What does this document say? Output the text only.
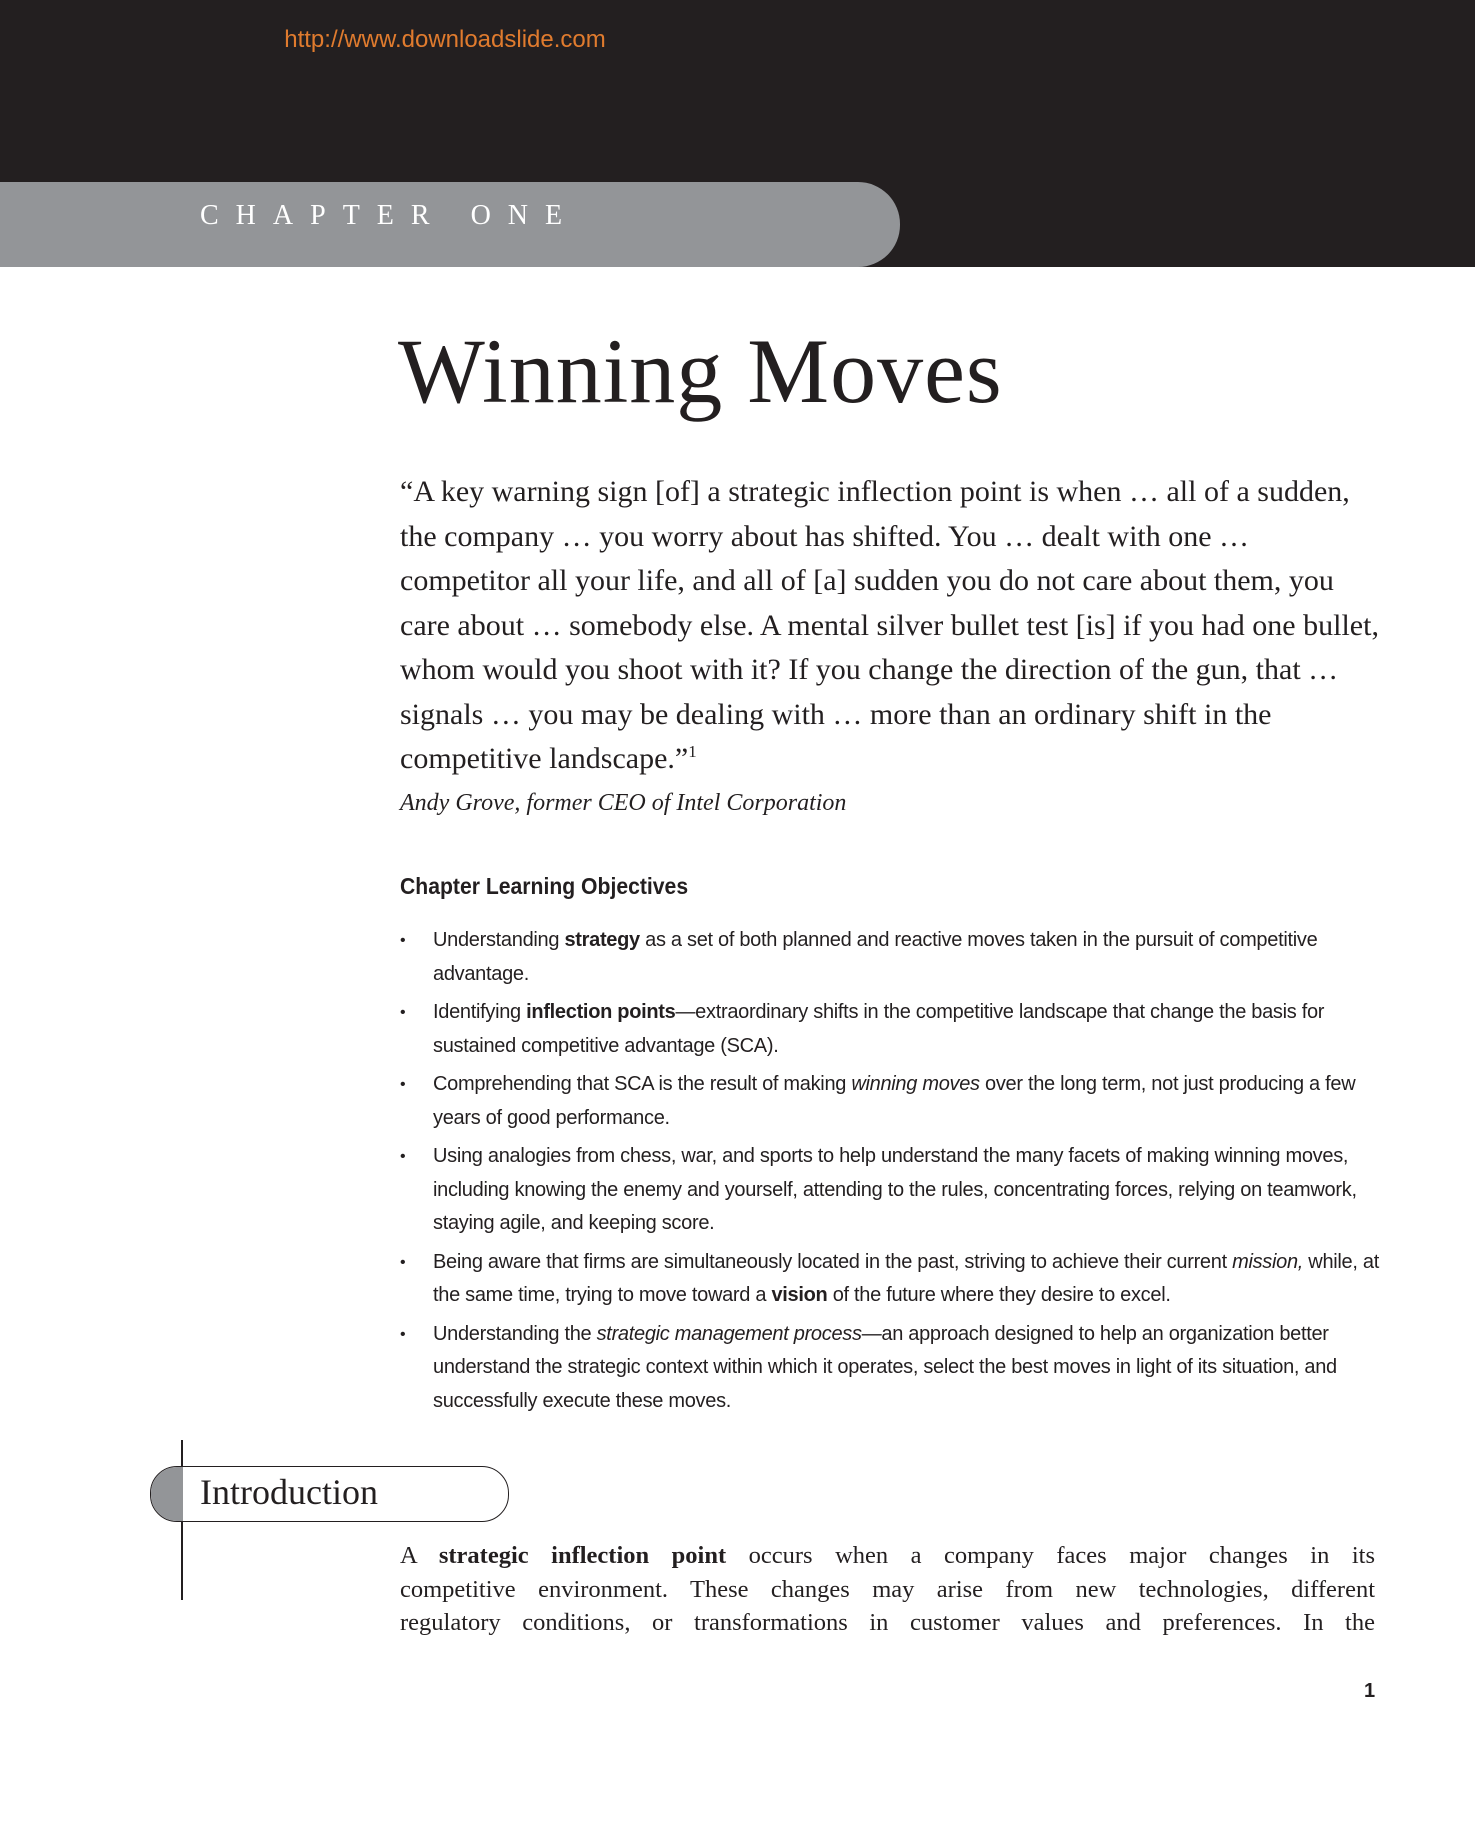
http://www.downloadslide.com
CHAPTER ONE
Winning Moves
“A key warning sign [of] a strategic inflection point is when … all of a sudden, the company … you worry about has shifted. You … dealt with one … competitor all your life, and all of [a] sudden you do not care about them, you care about … somebody else. A mental silver bullet test [is] if you had one bullet, whom would you shoot with it? If you change the direction of the gun, that … signals … you may be dealing with … more than an ordinary shift in the competitive landscape.”$^1$
Andy Grove, former CEO of Intel Corporation
Chapter Learning Objectives
• Understanding strategy as a set of both planned and reactive moves taken in the pursuit of competitive advantage.
• Identifying inflection points—extraordinary shifts in the competitive landscape that change the basis for sustained competitive advantage (SCA).
• Comprehending that SCA is the result of making winning moves over the long term, not just producing a few years of good performance.
• Using analogies from chess, war, and sports to help understand the many facets of making winning moves, including knowing the enemy and yourself, attending to the rules, concentrating forces, relying on teamwork, staying agile, and keeping score.
• Being aware that firms are simultaneously located in the past, striving to achieve their current mission, while, at the same time, trying to move toward a vision of the future where they desire to excel.
• Understanding the strategic management process—an approach designed to help an organization better understand the strategic context within which it operates, select the best moves in light of its situation, and successfully execute these moves.
Introduction
A strategic inflection point occurs when a company faces major changes in its
competitive environment. These changes may arise from new technologies, different
regulatory conditions, or transformations in customer values and preferences. In the
1
